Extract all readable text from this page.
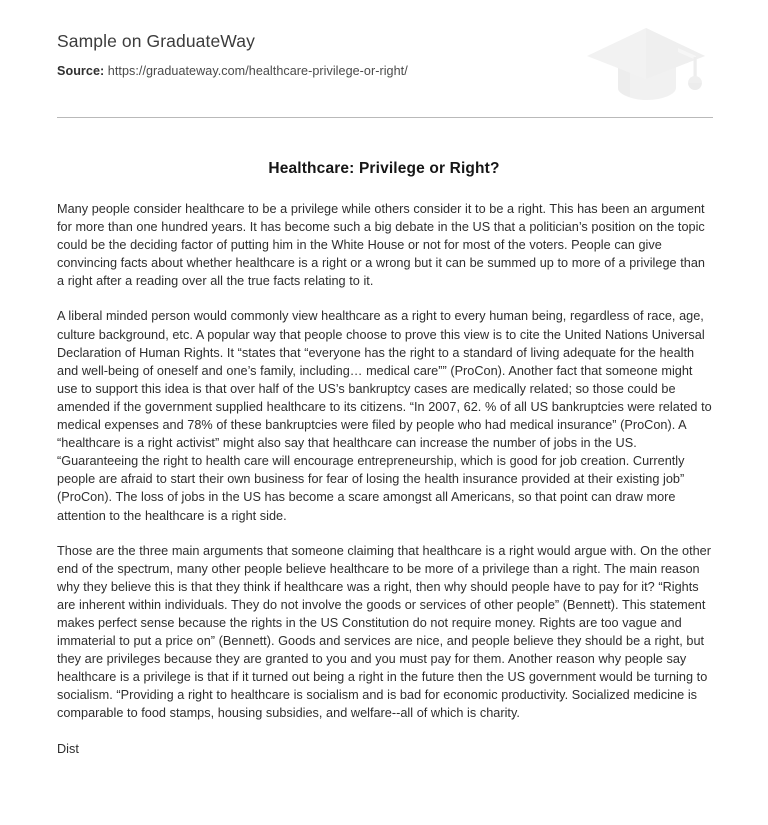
Sample on GraduateWay
Source: https://graduateway.com/healthcare-privilege-or-right/
Healthcare: Privilege or Right?

Many people consider healthcare to be a privilege while others consider it to be a right. This has been an argument for more than one hundred years. It has become such a big debate in the US that a politician’s position on the topic could be the deciding factor of putting him in the White House or not for most of the voters. People can give convincing facts about whether healthcare is a right or a wrong but it can be summed up to more of a privilege than a right after a reading over all the true facts relating to it.

A liberal minded person would commonly view healthcare as a right to every human being, regardless of race, age, culture background, etc. A popular way that people choose to prove this view is to cite the United Nations Universal Declaration of Human Rights. It “states that “everyone has the right to a standard of living adequate for the health and well-being of oneself and one’s family, including… medical care”” (ProCon). Another fact that someone might use to support this idea is that over half of the US’s bankruptcy cases are medically related; so those could be amended if the government supplied healthcare to its citizens. “In 2007, 62. % of all US bankruptcies were related to medical expenses and 78% of these bankruptcies were filed by people who had medical insurance” (ProCon). A “healthcare is a right activist” might also say that healthcare can increase the number of jobs in the US. “Guaranteeing the right to health care will encourage entrepreneurship, which is good for job creation. Currently people are afraid to start their own business for fear of losing the health insurance provided at their existing job” (ProCon). The loss of jobs in the US has become a scare amongst all Americans, so that point can draw more attention to the healthcare is a right side.

Those are the three main arguments that someone claiming that healthcare is a right would argue with. On the other end of the spectrum, many other people believe healthcare to be more of a privilege than a right. The main reason why they believe this is that they think if healthcare was a right, then why should people have to pay for it? “Rights are inherent within individuals. They do not involve the goods or services of other people” (Bennett). This statement makes perfect sense because the rights in the US Constitution do not require money. Rights are too vague and immaterial to put a price on” (Bennett). Goods and services are nice, and people believe they should be a right, but they are privileges because they are granted to you and you must pay for them. Another reason why people say healthcare is a privilege is that if it turned out being a right in the future then the US government would be turning to socialism. “Providing a right to healthcare is socialism and is bad for economic productivity. Socialized medicine is comparable to food stamps, housing subsidies, and welfare--all of which is charity.

Dist
